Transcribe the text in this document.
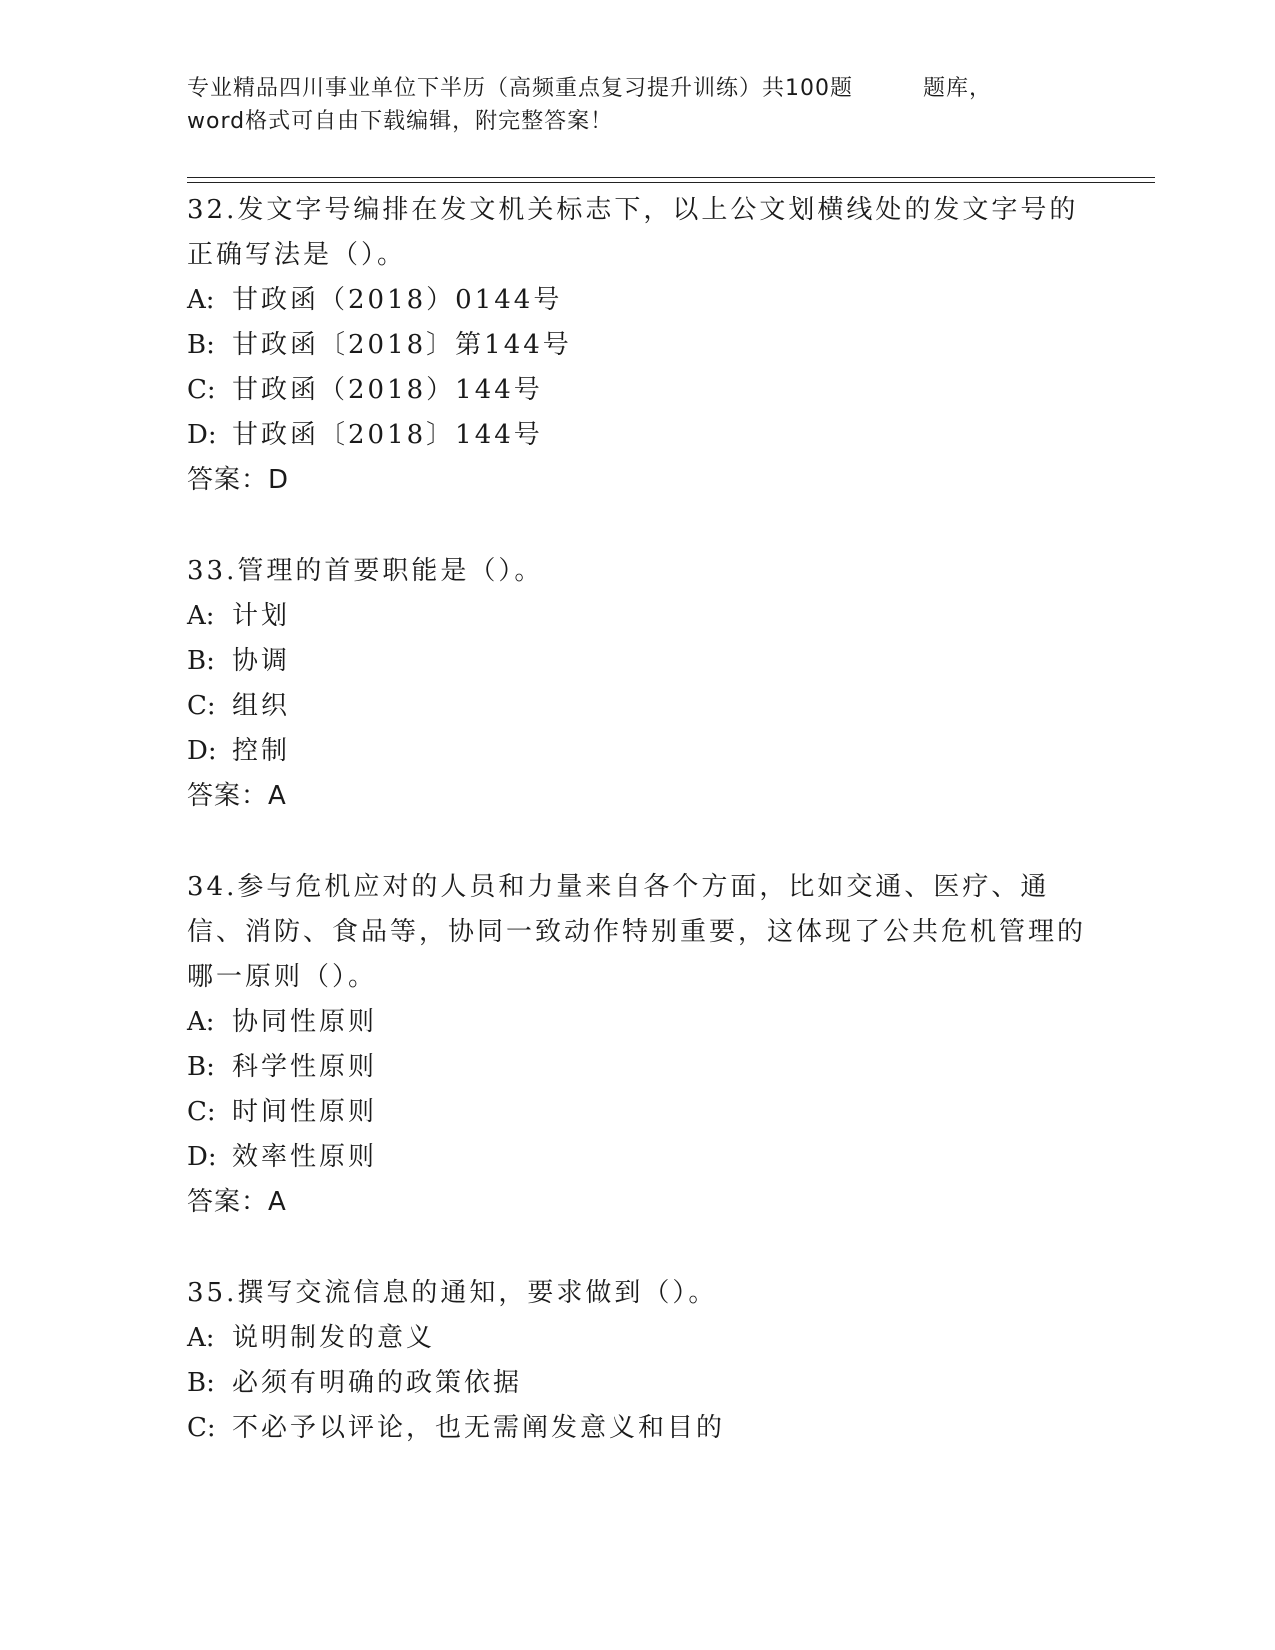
专业精品四川事业单位下半历（高频重点复习提升训练）共100题	题库，
word格式可自由下载编辑，附完整答案！

32.发文字号编排在发文机关标志下，以上公文划横线处的发文字号的正确写法是（）。

A: 甘政函（2018）0144号

B: 甘政函〔2018〕第144号

C: 甘政函（2018）144号

D: 甘政函〔2018〕144号

答案：D

33.管理的首要职能是（）。

A: 计划

B: 协调

C: 组织

D: 控制

答案：A

34.参与危机应对的人员和力量来自各个方面，比如交通、医疗、通信、消防、食品等，协同一致动作特别重要，这体现了公共危机管理的哪一原则（）。

A: 协同性原则

B: 科学性原则

C: 时间性原则

D: 效率性原则

答案：A

35.撰写交流信息的通知，要求做到（）。

A: 说明制发的意义

B: 必须有明确的政策依据

C: 不必予以评论，也无需阐发意义和目的
